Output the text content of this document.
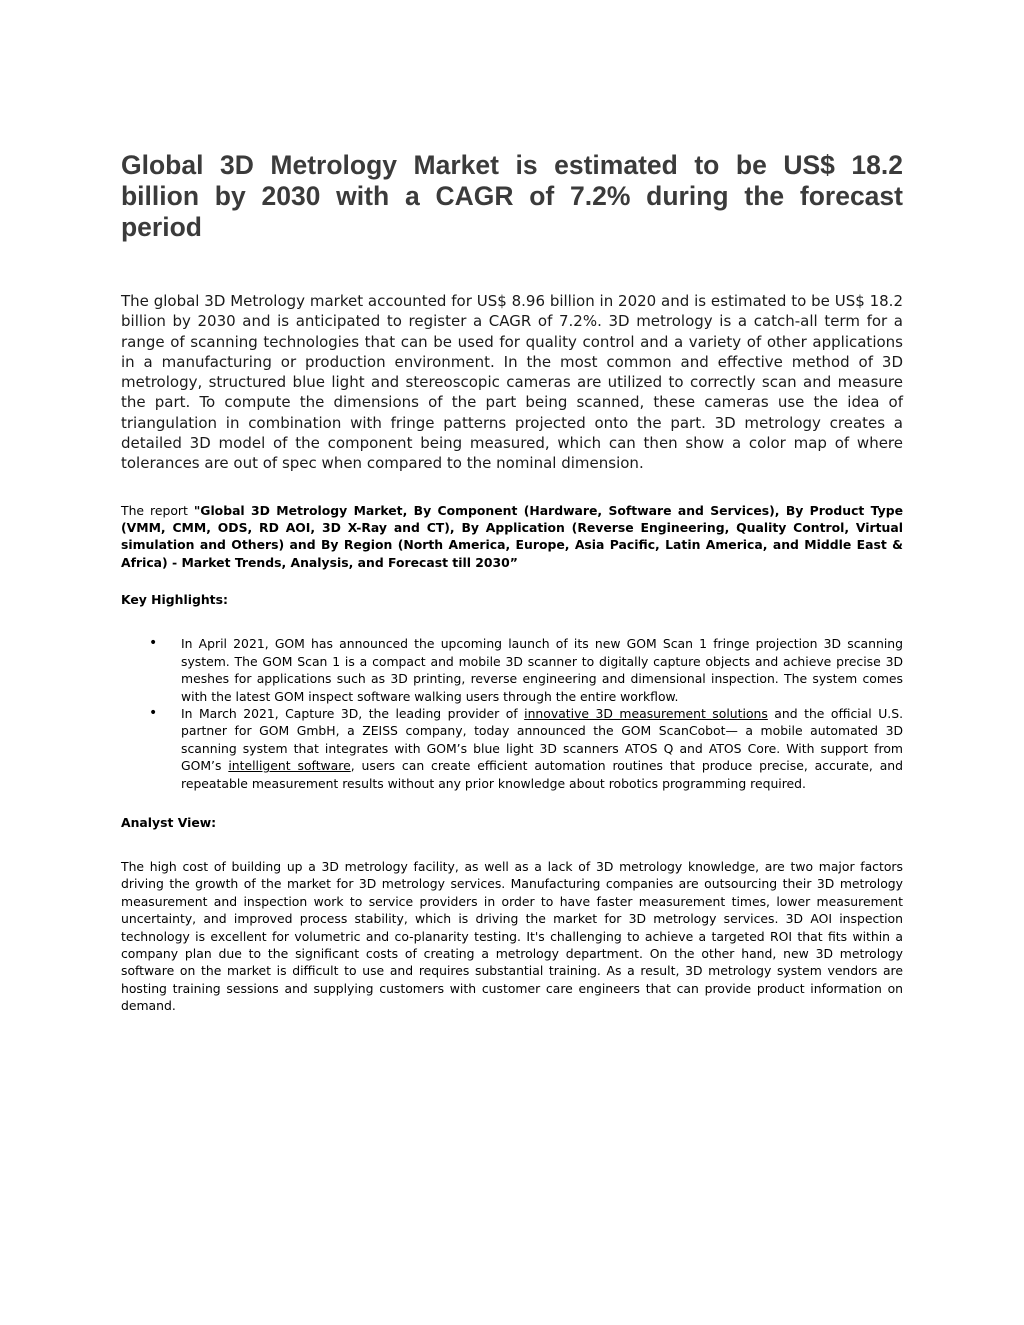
Global 3D Metrology Market is estimated to be US$ 18.2 billion by 2030 with a CAGR of 7.2% during the forecast period

The global 3D Metrology market accounted for US$ 8.96 billion in 2020 and is estimated to be US$ 18.2 billion by 2030 and is anticipated to register a CAGR of 7.2%. 3D metrology is a catch-all term for a range of scanning technologies that can be used for quality control and a variety of other applications in a manufacturing or production environment. In the most common and effective method of 3D metrology, structured blue light and stereoscopic cameras are utilized to correctly scan and measure the part. To compute the dimensions of the part being scanned, these cameras use the idea of triangulation in combination with fringe patterns projected onto the part. 3D metrology creates a detailed 3D model of the component being measured, which can then show a color map of where tolerances are out of spec when compared to the nominal dimension.

The report "Global 3D Metrology Market, By Component (Hardware, Software and Services), By Product Type (VMM, CMM, ODS, RD AOI, 3D X-Ray and CT), By Application (Reverse Engineering, Quality Control, Virtual simulation and Others) and By Region (North America, Europe, Asia Pacific, Latin America, and Middle East & Africa) - Market Trends, Analysis, and Forecast till 2030”

Key Highlights:

• In April 2021, GOM has announced the upcoming launch of its new GOM Scan 1 fringe projection 3D scanning system. The GOM Scan 1 is a compact and mobile 3D scanner to digitally capture objects and achieve precise 3D meshes for applications such as 3D printing, reverse engineering and dimensional inspection. The system comes with the latest GOM inspect software walking users through the entire workflow.
• In March 2021, Capture 3D, the leading provider of innovative 3D measurement solutions and the official U.S. partner for GOM GmbH, a ZEISS company, today announced the GOM ScanCobot— a mobile automated 3D scanning system that integrates with GOM’s blue light 3D scanners ATOS Q and ATOS Core. With support from GOM’s intelligent software, users can create efficient automation routines that produce precise, accurate, and repeatable measurement results without any prior knowledge about robotics programming required.

Analyst View:

The high cost of building up a 3D metrology facility, as well as a lack of 3D metrology knowledge, are two major factors driving the growth of the market for 3D metrology services. Manufacturing companies are outsourcing their 3D metrology measurement and inspection work to service providers in order to have faster measurement times, lower measurement uncertainty, and improved process stability, which is driving the market for 3D metrology services. 3D AOI inspection technology is excellent for volumetric and co-planarity testing. It's challenging to achieve a targeted ROI that fits within a company plan due to the significant costs of creating a metrology department. On the other hand, new 3D metrology software on the market is difficult to use and requires substantial training. As a result, 3D metrology system vendors are hosting training sessions and supplying customers with customer care engineers that can provide product information on demand.
